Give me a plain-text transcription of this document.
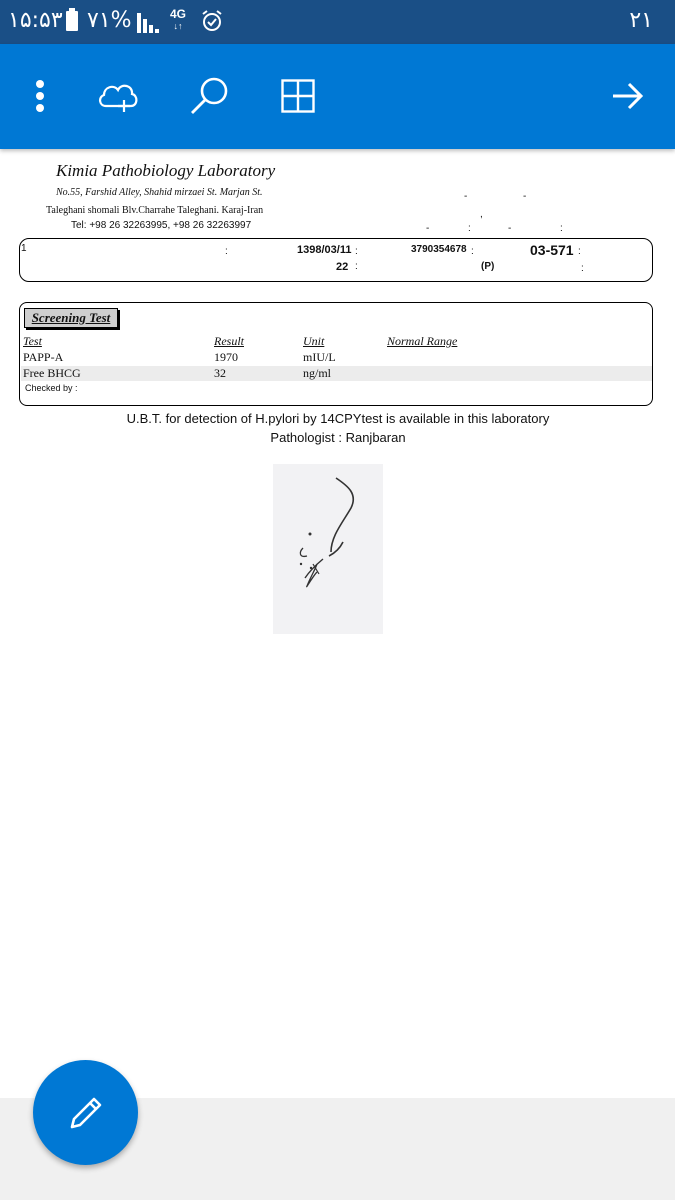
۱۵:۵۳ ٧١%	4G
↓↑	۲۱
Kimia Pathobiology Laboratory
No.55, Farshid Alley, Shahid mirzaei St. Marjan St.
Taleghani shomali Blv.Charrahe Taleghani. Karaj-Iran
Tel: +98 26 32263995, +98 26 32263997
-	-
,
-	:	-	:
1	:	1398/03/11 :
22 :
3790354678 :
(P)
03-571 :
:
Screening Test
Test	Result	Unit	Normal Range
PAPP-A	1970	mIU/L
Free BHCG	32	ng/ml
Checked by :
U.B.T. for detection of H.pylori by 14CPYtest is available in this laboratory
Pathologist : Ranjbaran
